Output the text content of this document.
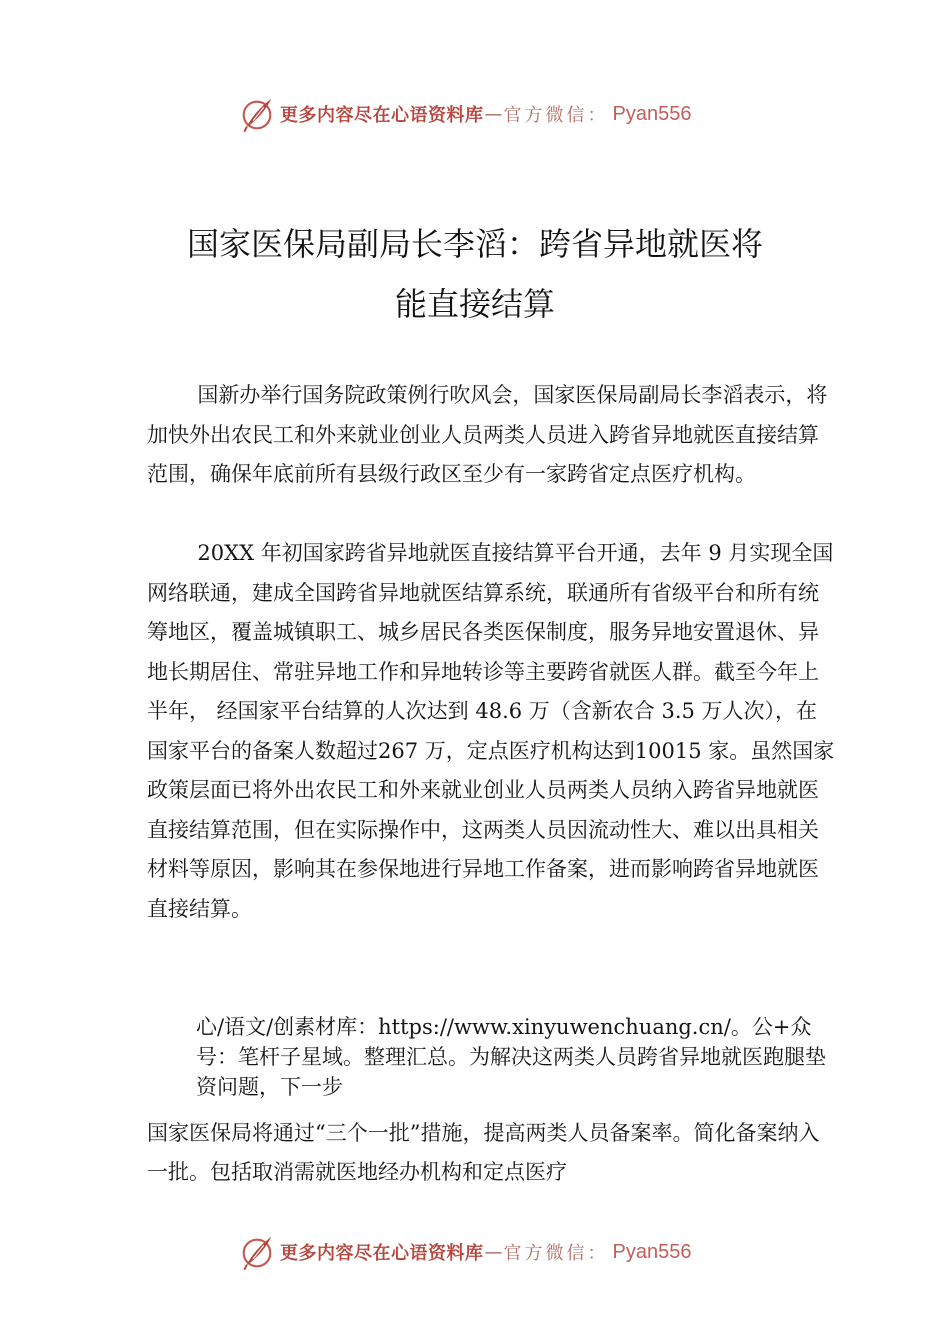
更多内容尽在心语资料库 — 官方微信： Pyan556
国家医保局副局长李滔：跨省异地就医将
能直接结算

国新办举行国务院政策例行吹风会，国家医保局副局长李滔表示，将加快外出农民工和外来就业创业人员两类人员进入跨省异地就医直接结算范围，确保年底前所有县级行政区至少有一家跨省定点医疗机构。

20XX 年初国家跨省异地就医直接结算平台开通，去年 9 月实现全国网络联通，建成全国跨省异地就医结算系统，联通所有省级平台和所有统筹地区，覆盖城镇职工、城乡居民各类医保制度，服务异地安置退休、异地长期居住、常驻异地工作和异地转诊等主要跨省就医人群。截至今年上半年， 经国家平台结算的人次达到 48.6 万（含新农合 3.5 万人次），在国家平台的备案人数超过267 万，定点医疗机构达到10015 家。虽然国家政策层面已将外出农民工和外来就业创业人员两类人员纳入跨省异地就医直接结算范围，但在实际操作中，这两类人员因流动性大、难以出具相关材料等原因，影响其在参保地进行异地工作备案，进而影响跨省异地就医直接结算。

心/语文/创素材库：https://www.xinyuwenchuang.cn/。公+众号：笔杆子星域。整理汇总。为解决这两类人员跨省异地就医跑腿垫资问题，下一步

国家医保局将通过“三个一批”措施，提高两类人员备案率。简化备案纳入一批。包括取消需就医地经办机构和定点医疗

更多内容尽在心语资料库 — 官方微信： Pyan556
